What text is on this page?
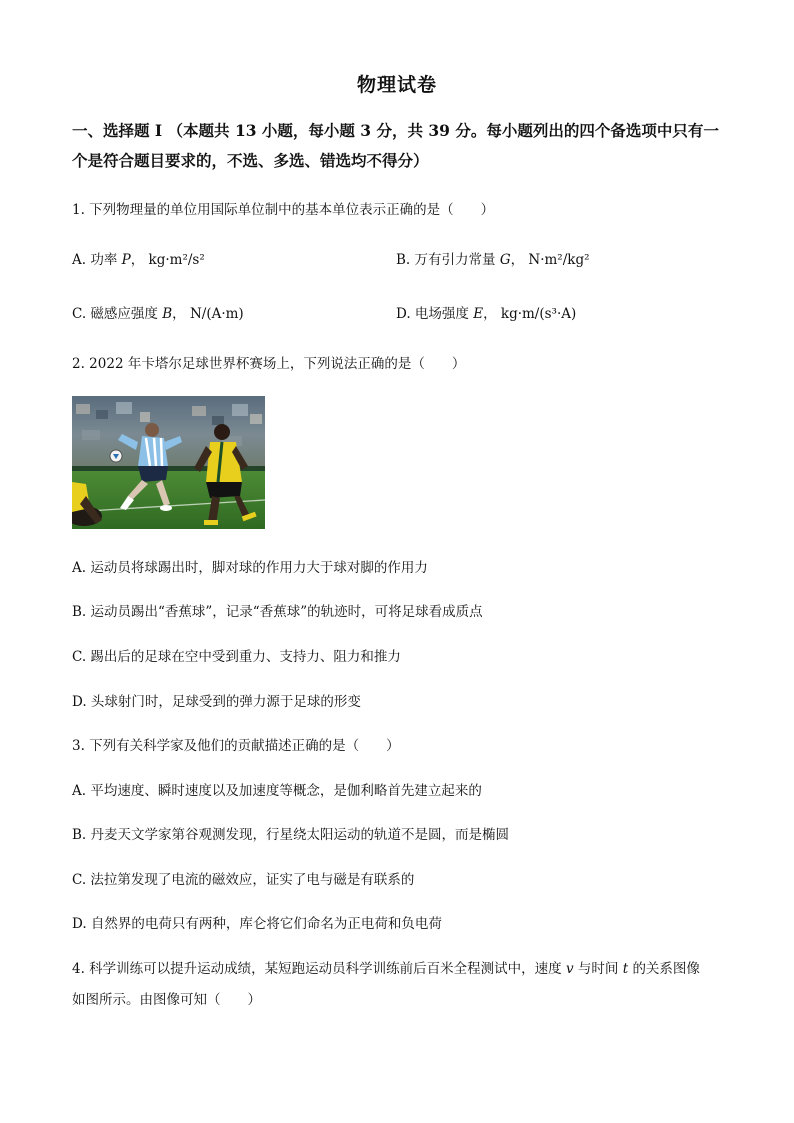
物理试卷
一、选择题 I （本题共 13 小题，每小题 3 分，共 39 分。每小题列出的四个备选项中只有一个是符合题目要求的，不选、多选、错选均不得分）
1. 下列物理量的单位用国际单位制中的基本单位表示正确的是（　　）
A. 功率 P， kg·m²/s²	B. 万有引力常量 G， N·m²/kg²
C. 磁感应强度 B， N/(A·m)	D. 电场强度 E， kg·m/(s³·A)
2. 2022 年卡塔尔足球世界杯赛场上，下列说法正确的是（　　）
A. 运动员将球踢出时，脚对球的作用力大于球对脚的作用力
B. 运动员踢出“香蕉球”，记录“香蕉球”的轨迹时，可将足球看成质点
C. 踢出后的足球在空中受到重力、支持力、阻力和推力
D. 头球射门时，足球受到的弹力源于足球的形变
3. 下列有关科学家及他们的贡献描述正确的是（　　）
A. 平均速度、瞬时速度以及加速度等概念，是伽利略首先建立起来的
B. 丹麦天文学家第谷观测发现，行星绕太阳运动的轨道不是圆，而是椭圆
C. 法拉第发现了电流的磁效应，证实了电与磁是有联系的
D. 自然界的电荷只有两种，库仑将它们命名为正电荷和负电荷
4. 科学训练可以提升运动成绩，某短跑运动员科学训练前后百米全程测试中，速度 v 与时间 t 的关系图像
如图所示。由图像可知（　　）
